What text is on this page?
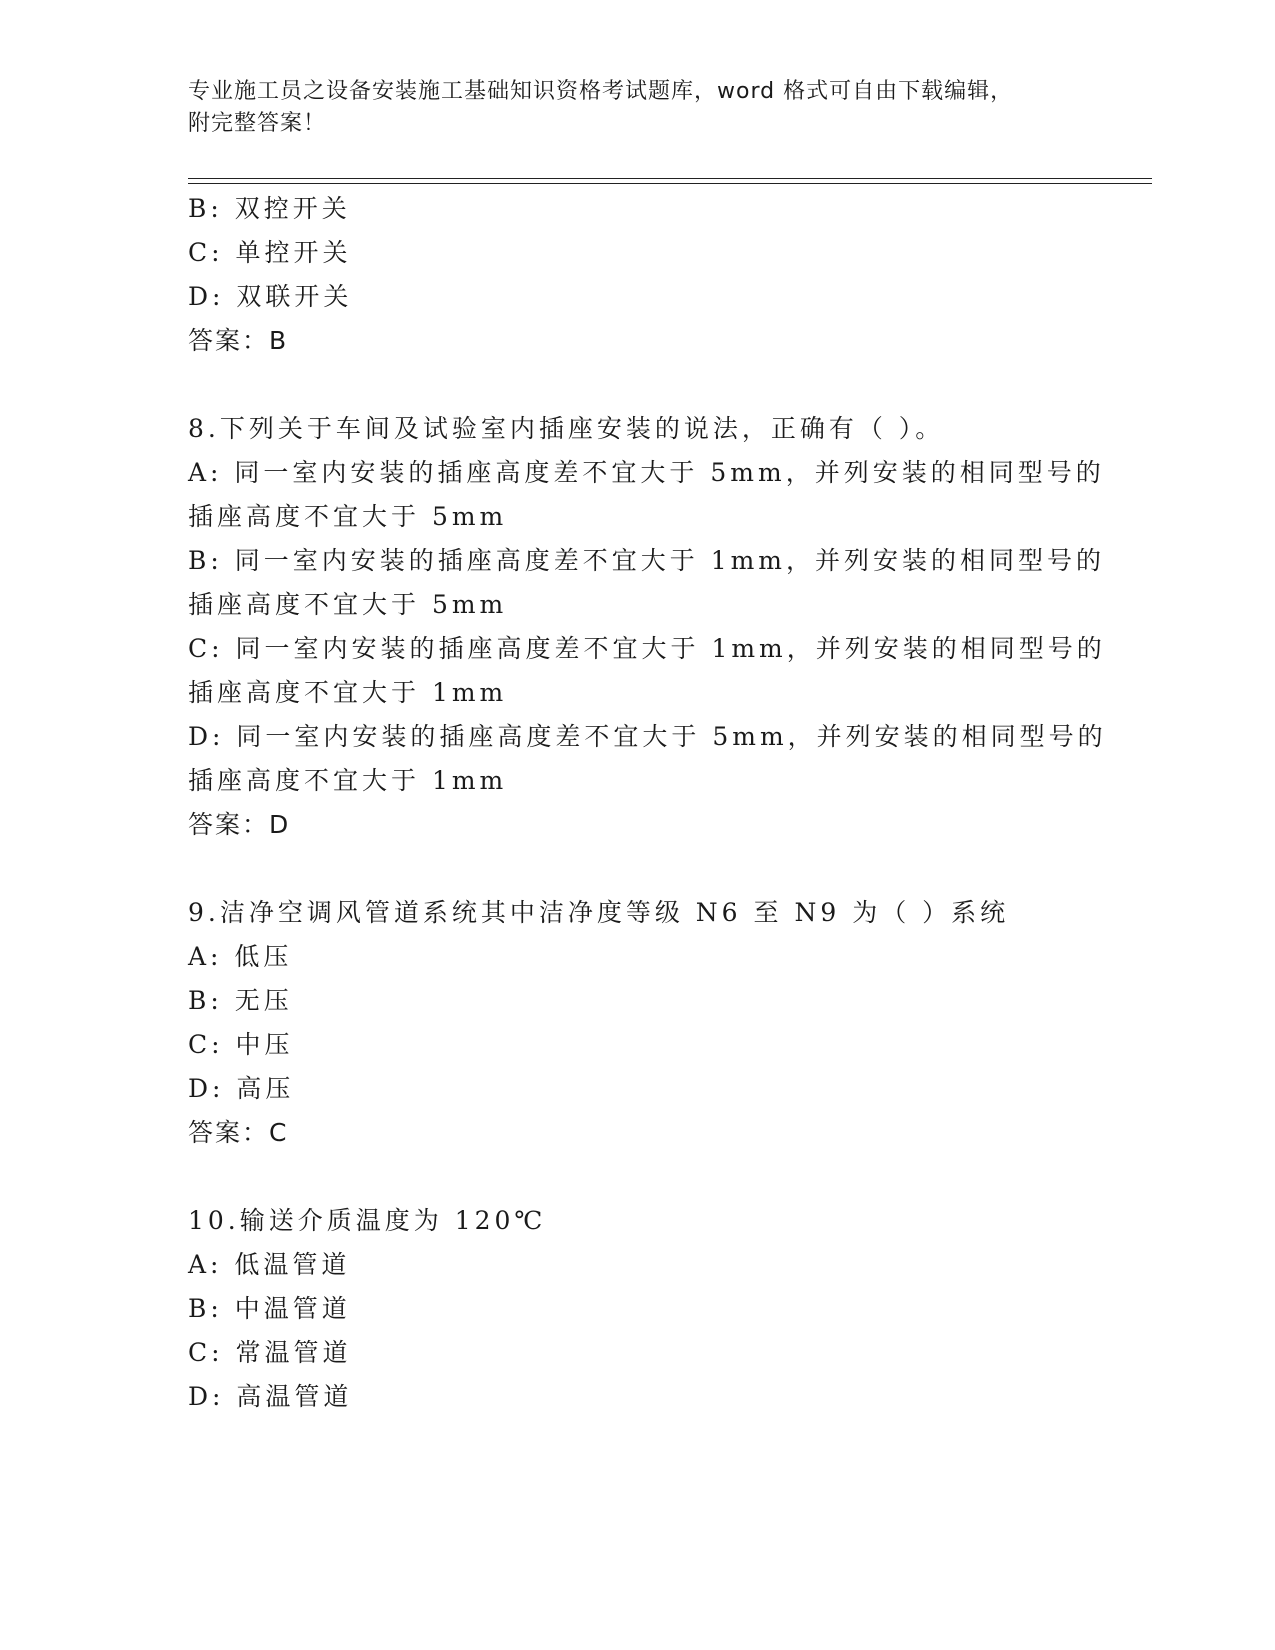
专业施工员之设备安装施工基础知识资格考试题库，word 格式可自由下载编辑，
附完整答案！
B: 双控开关
C: 单控开关
D: 双联开关
答案：B
8.下列关于车间及试验室内插座安装的说法，正确有（ ）。
A: 同一室内安装的插座高度差不宜大于 5mm，并列安装的相同型号的
插座高度不宜大于 5mm
B: 同一室内安装的插座高度差不宜大于 1mm，并列安装的相同型号的
插座高度不宜大于 5mm
C: 同一室内安装的插座高度差不宜大于 1mm，并列安装的相同型号的
插座高度不宜大于 1mm
D: 同一室内安装的插座高度差不宜大于 5mm，并列安装的相同型号的
插座高度不宜大于 1mm
答案：D
9.洁净空调风管道系统其中洁净度等级 N6 至 N9 为（ ）系统
A: 低压
B: 无压
C: 中压
D: 高压
答案：C
10.输送介质温度为 120℃
A: 低温管道
B: 中温管道
C: 常温管道
D: 高温管道
